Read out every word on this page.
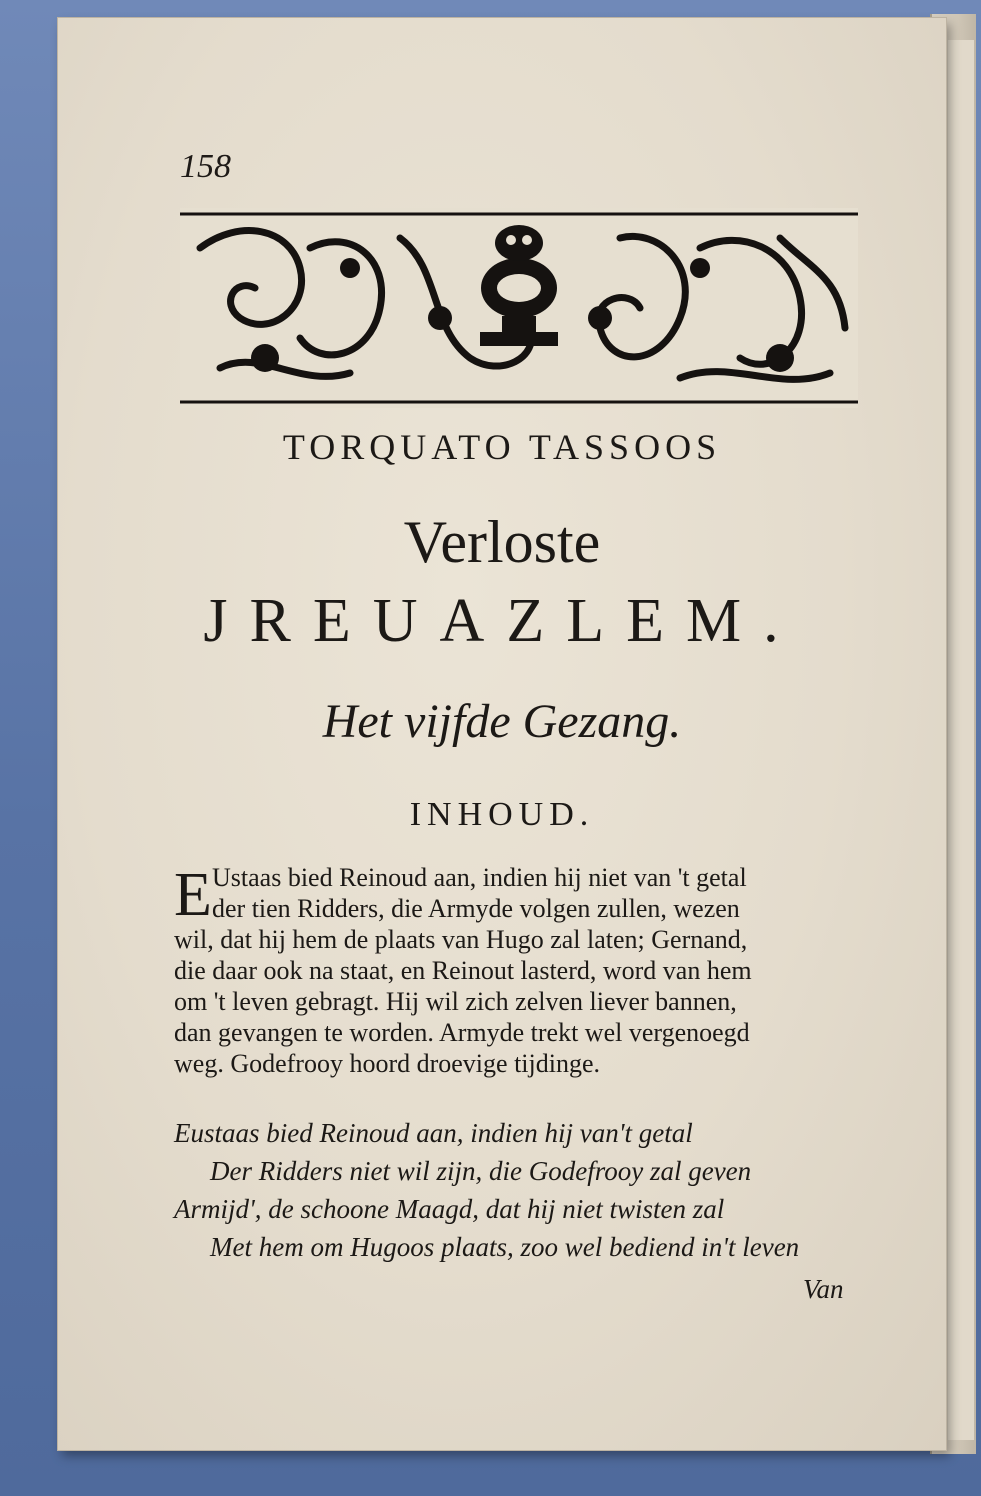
158
TORQUATO TASSOOS
Verloste
JREUAZLEM.
Het vijfde Gezang.
INHOUD.
E Ustaas bied Reinoud aan, indien hij niet van 't getal
der tien Ridders, die Armyde volgen zullen, wezen
wil, dat hij hem de plaats van Hugo zal laten; Gernand,
die daar ook na staat, en Reinout lasterd, word van hem
om 't leven gebragt. Hij wil zich zelven liever bannen,
dan gevangen te worden. Armyde trekt wel vergenoegd
weg. Godefrooy hoord droevige tijdinge.
Eustaas bied Reinoud aan, indien hij van't getal
Der Ridders niet wil zijn, die Godefrooy zal geven
Armijd', de schoone Maagd, dat hij niet twisten zal
Met hem om Hugoos plaats, zoo wel bediend in't leven
Van
